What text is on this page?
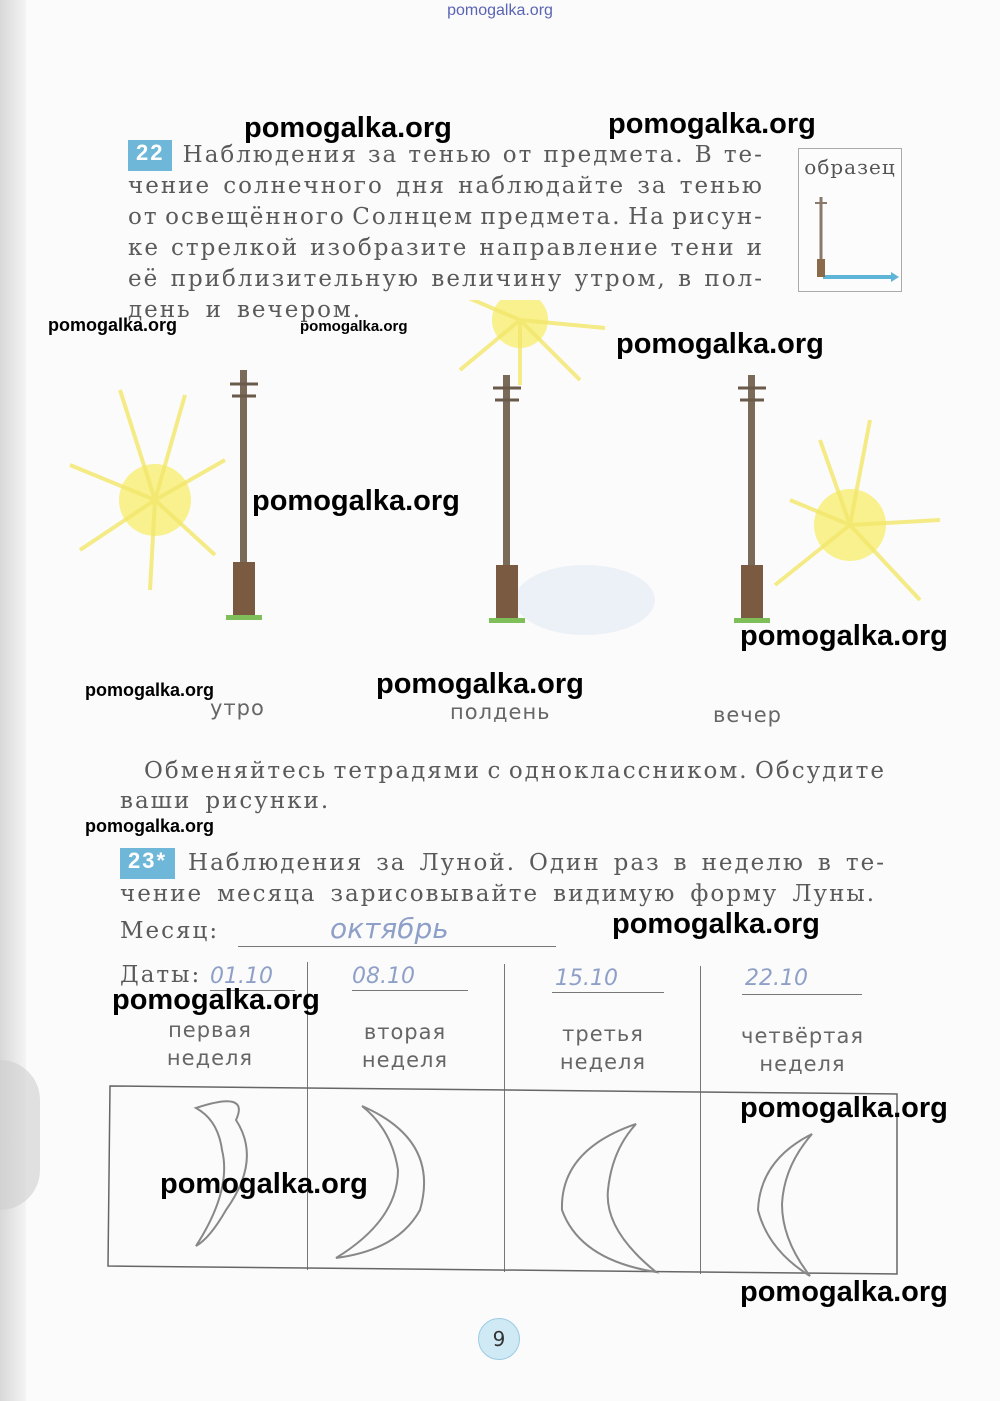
pomogalka.org
22 Наблюдения за тенью от предмета. В те-
чение солнечного дня наблюдайте за тенью
от освещённого Солнцем предмета. На рисун-
ке стрелкой изобразите направление тени и
её приблизительную величину утром, в пол-
день и вечером.
образец
утро	полдень	вечер
Обменяйтесь тетрадями с одноклассником. Обсудите
ваши рисунки.
23* Наблюдения за Луной. Один раз в неделю в те-
чение месяца зарисовывайте видимую форму Луны.
Месяц:	октябрь
Даты: 01.10	08.10	15.10	22.10
первая
неделя
вторая
неделя
третья
неделя
четвёртая
неделя
9
pomogalka.org	pomogalka.org
pomogalka.org	pomogalka.org
pomogalka.org
pomogalka.org
pomogalka.org
pomogalka.org	pomogalka.org
pomogalka.org
pomogalka.org
pomogalka.org
pomogalka.org
pomogalka.org
pomogalka.org
